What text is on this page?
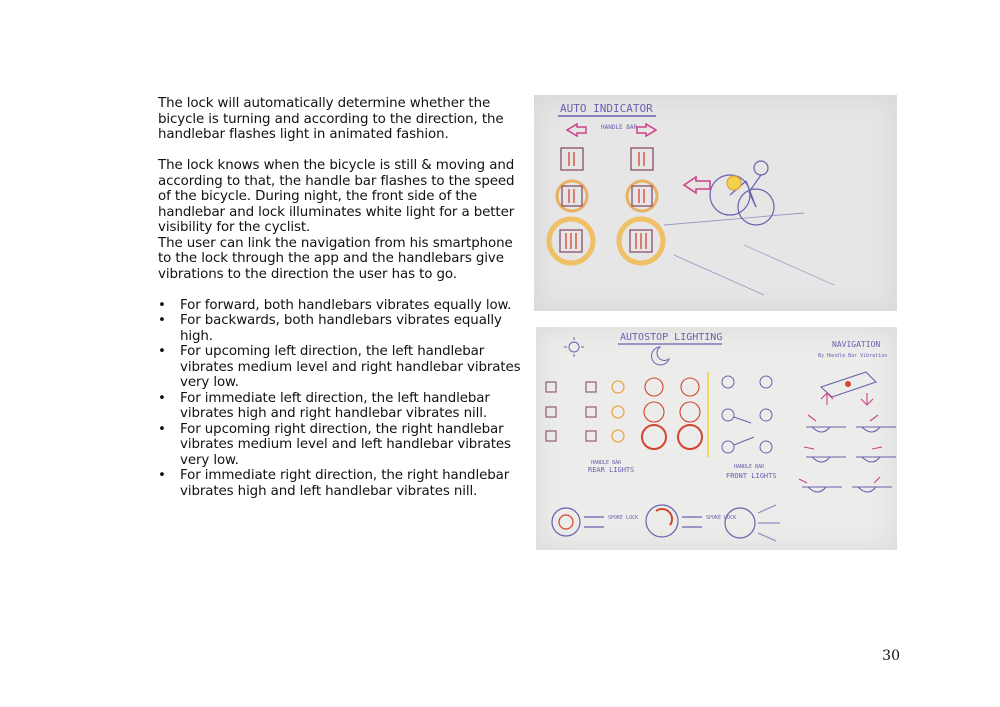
The lock will automatically determine whether the bicycle is turning and according to the direction, the handlebar flashes light in animated fashion.

The lock knows when the bicycle is still & moving and according to that, the handle bar flashes to the speed of the bicycle. During night, the front side of the handlebar and lock illuminates white light for a better visibility for the cyclist.

The user can link the navigation from his smartphone to the lock through the app and the handlebars give vibrations to the direction the user has to go.

• For forward, both handlebars vibrates equally low.
• For backwards, both handlebars vibrates equally high.
• For upcoming left direction, the left handlebar vibrates medium level and right handlebar vibrates very low.
• For immediate left direction, the left handlebar vibrates high and right handlebar vibrates nill.
• For upcoming right direction, the right handlebar vibrates medium level and left handlebar vibrates very low.
• For immediate right direction, the right handlebar vibrates high and left handlebar vibrates nill.
AUTO INDICATOR
HANDLE BAR
AUTOSTOP LIGHTING
NAVIGATION
By Handle Bar Vibration
HANDLE BAR
REAR LIGHTS	HANDLE BAR
FRONT LIGHTS
SPOKE LOCK	SPOKE LOCK
30
